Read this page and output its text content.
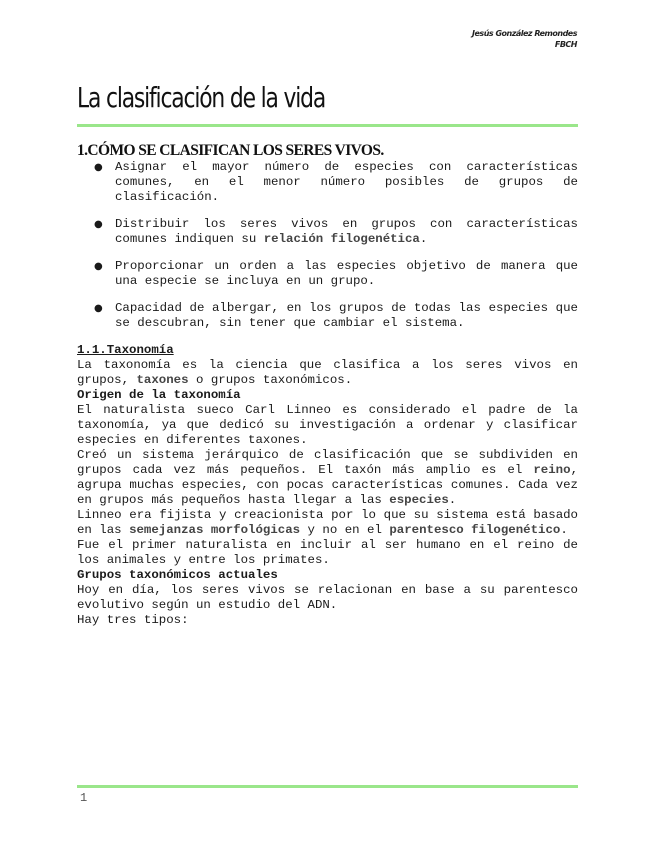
Jesús González Remondes
FBCH
La clasificación de la vida

1.CÓMO SE CLASIFICAN LOS SERES VIVOS.

● Asignar el mayor número de especies con características comunes, en el menor número posibles de grupos de clasificación.
● Distribuir los seres vivos en grupos con características comunes indiquen su relación filogenética.
● Proporcionar un orden a las especies objetivo de manera que una especie se incluya en un grupo.
● Capacidad de albergar, en los grupos de todas las especies que se descubran, sin tener que cambiar el sistema.

1.1.Taxonomía

La taxonomía es la ciencia que clasifica a los seres vivos en grupos, taxones o grupos taxonómicos.

Origen de la taxonomía

El naturalista sueco Carl Linneo es considerado el padre de la taxonomía, ya que dedicó su investigación a ordenar y clasificar especies en diferentes taxones.

Creó un sistema jerárquico de clasificación que se subdividen en grupos cada vez más pequeños. El taxón más amplio es el reino, agrupa muchas especies, con pocas características comunes. Cada vez en grupos más pequeños hasta llegar a las especies.

Linneo era fijista y creacionista por lo que su sistema está basado en las semejanzas morfológicas y no en el parentesco filogenético.

Fue el primer naturalista en incluir al ser humano en el reino de los animales y entre los primates.

Grupos taxonómicos actuales

Hoy en día, los seres vivos se relacionan en base a su parentesco evolutivo según un estudio del ADN.

Hay tres tipos:

1
